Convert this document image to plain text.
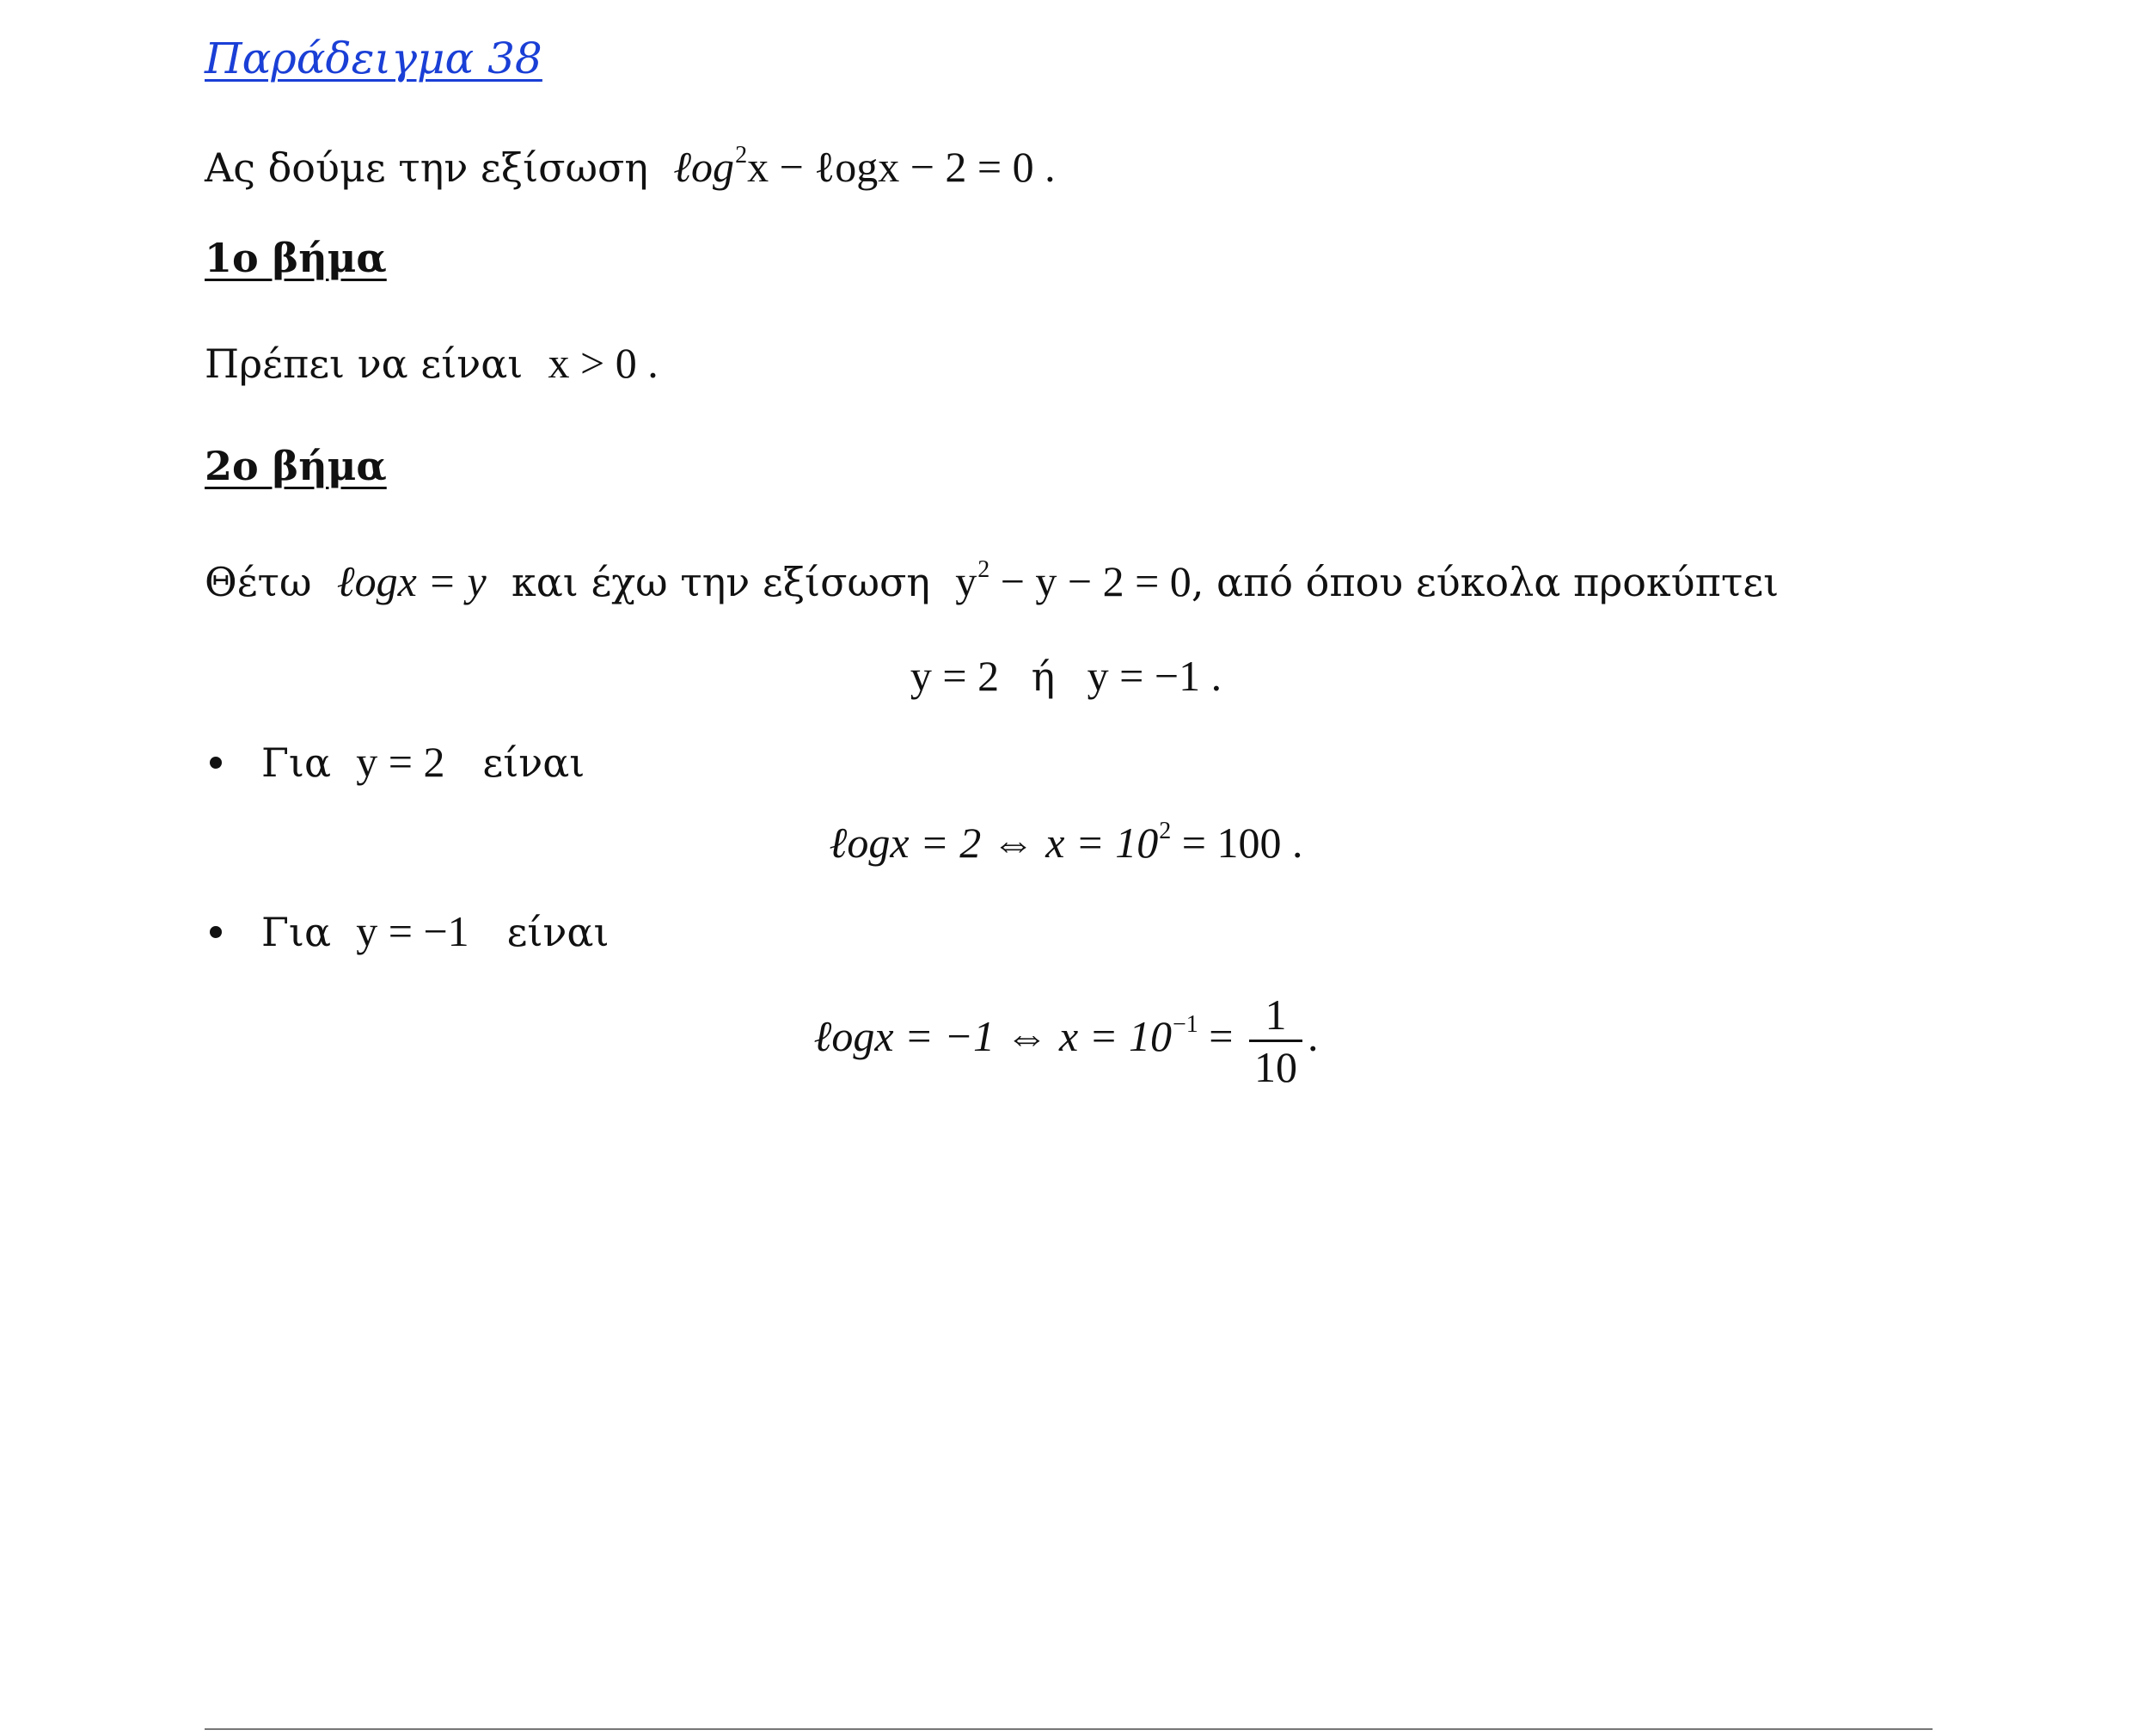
Παράδειγμα 38
Ας δούμε την εξίσωση ℓog$^2$x − ℓogx − 2 = 0 .
1ο βήμα
Πρέπει να είναι x > 0 .
2ο βήμα
Θέτω ℓogx = y και έχω την εξίσωση $y^2 - y - 2 = 0$, από όπου εύκολα προκύπτει
y = 2 ή y = −1 .
Για y = 2 είναι
ℓogx = 2 ⇔ $x = 10^2 = 100$ .
Για y = −1 είναι
ℓogx = −1 ⇔ $x = 10^{-1} = \frac{1}{10}$ .
